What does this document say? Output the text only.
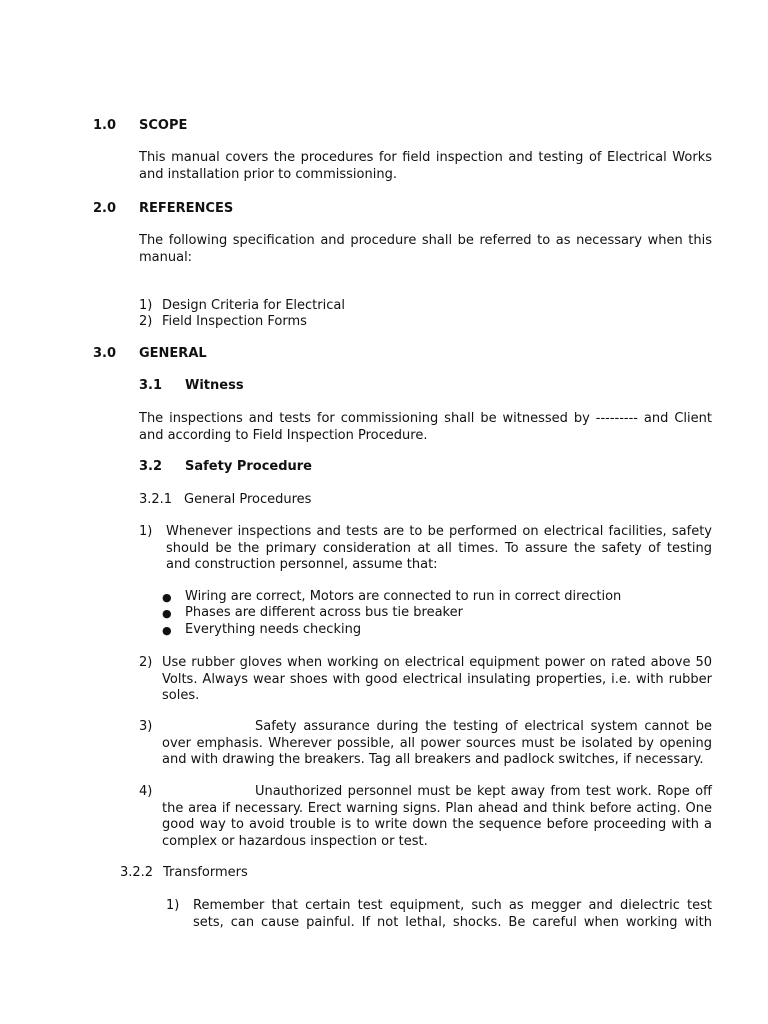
1.0 SCOPE
This manual covers the procedures for field inspection and testing of Electrical Works and installation prior to commissioning.
2.0 REFERENCES
The following specification and procedure shall be referred to as necessary when this manual:
1) Design Criteria for Electrical
2) Field Inspection Forms
3.0 GENERAL
3.1 Witness
The inspections and tests for commissioning shall be witnessed by --------- and Client and according to Field Inspection Procedure.
3.2 Safety Procedure
3.2.1 General Procedures
1) Whenever inspections and tests are to be performed on electrical facilities, safety should be the primary consideration at all times. To assure the safety of testing and construction personnel, assume that:
● Wiring are correct, Motors are connected to run in correct direction
● Phases are different across bus tie breaker
● Everything needs checking
2) Use rubber gloves when working on electrical equipment power on rated above 50 Volts. Always wear shoes with good electrical insulating properties, i.e. with rubber soles.
3)	Safety assurance during the testing of electrical system cannot be over emphasis. Wherever possible, all power sources must be isolated by opening and with drawing the breakers. Tag all breakers and padlock switches, if necessary.
4)	Unauthorized personnel must be kept away from test work. Rope off the area if necessary. Erect warning signs. Plan ahead and think before acting. One good way to avoid trouble is to write down the sequence before proceeding with a complex or hazardous inspection or test.
3.2.2 Transformers
1) Remember that certain test equipment, such as megger and dielectric test sets, can cause painful. If not lethal, shocks. Be careful when working with
